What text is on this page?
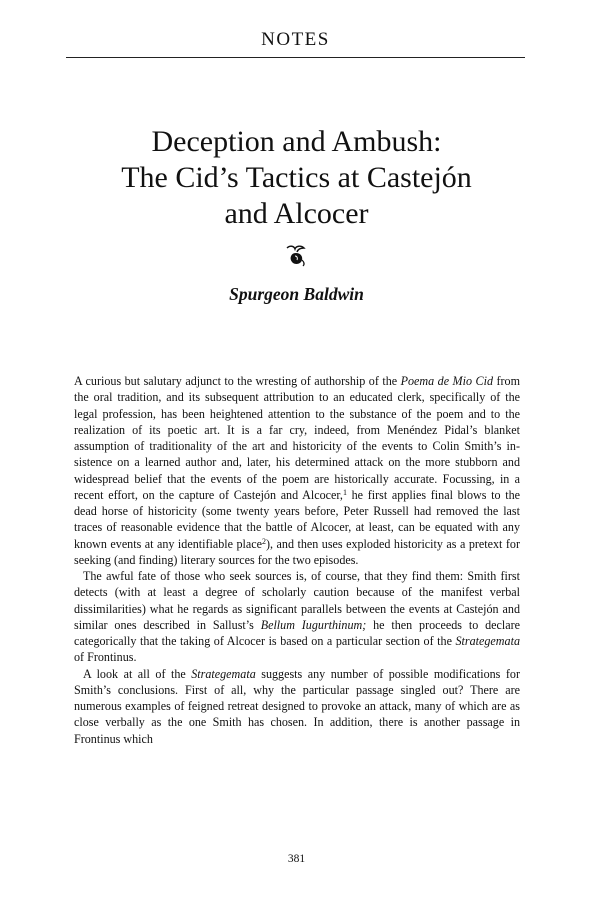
NOTES
Deception and Ambush:
The Cid’s Tactics at Castejón
and Alcocer
Spurgeon Baldwin

A curious but salutary adjunct to the wresting of authorship of the Poema de Mio Cid from the oral tradition, and its subsequent attribution to an educated clerk, specifically of the legal profession, has been heightened attention to the substance of the poem and to the realization of its poetic art. It is a far cry, indeed, from Menéndez Pidal’s blanket assumption of traditionality of the art and historicity of the events to Colin Smith’s insistence on a learned author and, later, his determined attack on the more stubborn and widespread belief that the events of the poem are historically accurate. Focussing, in a recent effort, on the capture of Castejón and Alcocer,$^1$ he first applies final blows to the dead horse of historicity (some twenty years before, Peter Russell had removed the last traces of reasonable evidence that the battle of Alcocer, at least, can be equated with any known events at any identifiable place$^2$), and then uses exploded historicity as a pretext for seeking (and finding) literary sources for the two episodes.

The awful fate of those who seek sources is, of course, that they find them: Smith first detects (with at least a degree of scholarly caution because of the manifest verbal dissimilarities) what he regards as significant parallels between the events at Castejón and similar ones described in Sallust’s Bellum Iugurthinum; he then proceeds to declare categorically that the taking of Alcocer is based on a particular section of the Strategemata of Frontinus.

A look at all of the Strategemata suggests any number of possible modifications for Smith’s conclusions. First of all, why the particular passage singled out? There are numerous examples of feigned retreat designed to provoke an attack, many of which are as close verbally as the one Smith has chosen. In addition, there is another passage in Frontinus which

381
